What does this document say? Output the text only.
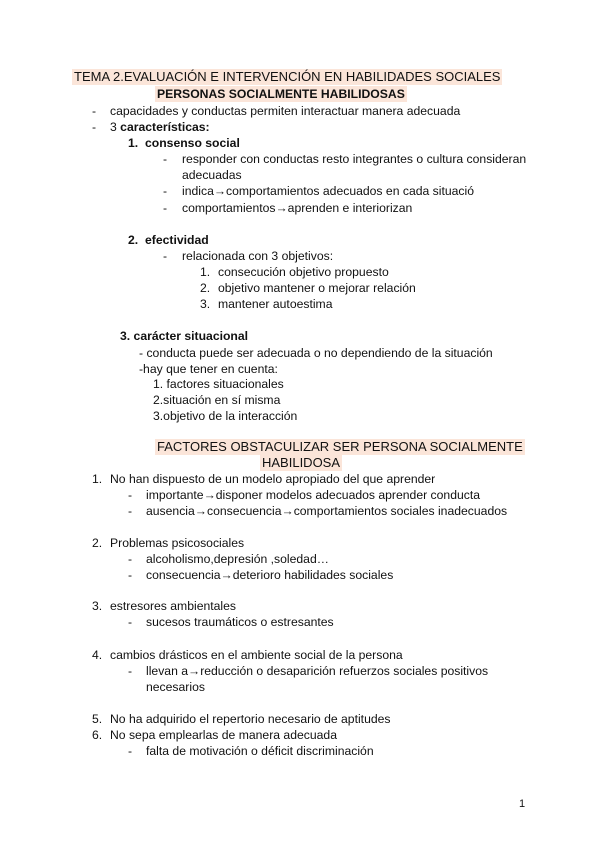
TEMA 2.EVALUACIÓN E INTERVENCIÓN EN HABILIDADES SOCIALES
PERSONAS SOCIALMENTE HABILIDOSAS
- capacidades y conductas permiten interactuar manera adecuada
- 3 características:
1. consenso social
- responder con conductas resto integrantes o cultura consideran
adecuadas
- indica→comportamientos adecuados en cada situació
- comportamientos→aprenden e interiorizan
2. efectividad
- relacionada con 3 objetivos:
1. consecución objetivo propuesto
2. objetivo mantener o mejorar relación
3. mantener autoestima
3. carácter situacional
- conducta puede ser adecuada o no dependiendo de la situación
-hay que tener en cuenta:
1. factores situacionales
2.situación en sí misma
3.objetivo de la interacción
FACTORES OBSTACULIZAR SER PERSONA SOCIALMENTE
HABILIDOSA
1. No han dispuesto de un modelo apropiado del que aprender
- importante→disponer modelos adecuados aprender conducta
- ausencia→consecuencia→comportamientos sociales inadecuados
2. Problemas psicosociales
- alcoholismo,depresión ,soledad…
- consecuencia→deterioro habilidades sociales
3. estresores ambientales
- sucesos traumáticos o estresantes
4. cambios drásticos en el ambiente social de la persona
- llevan a→reducción o desaparición refuerzos sociales positivos
necesarios
5. No ha adquirido el repertorio necesario de aptitudes
6. No sepa emplearlas de manera adecuada
- falta de motivación o déficit discriminación
1
